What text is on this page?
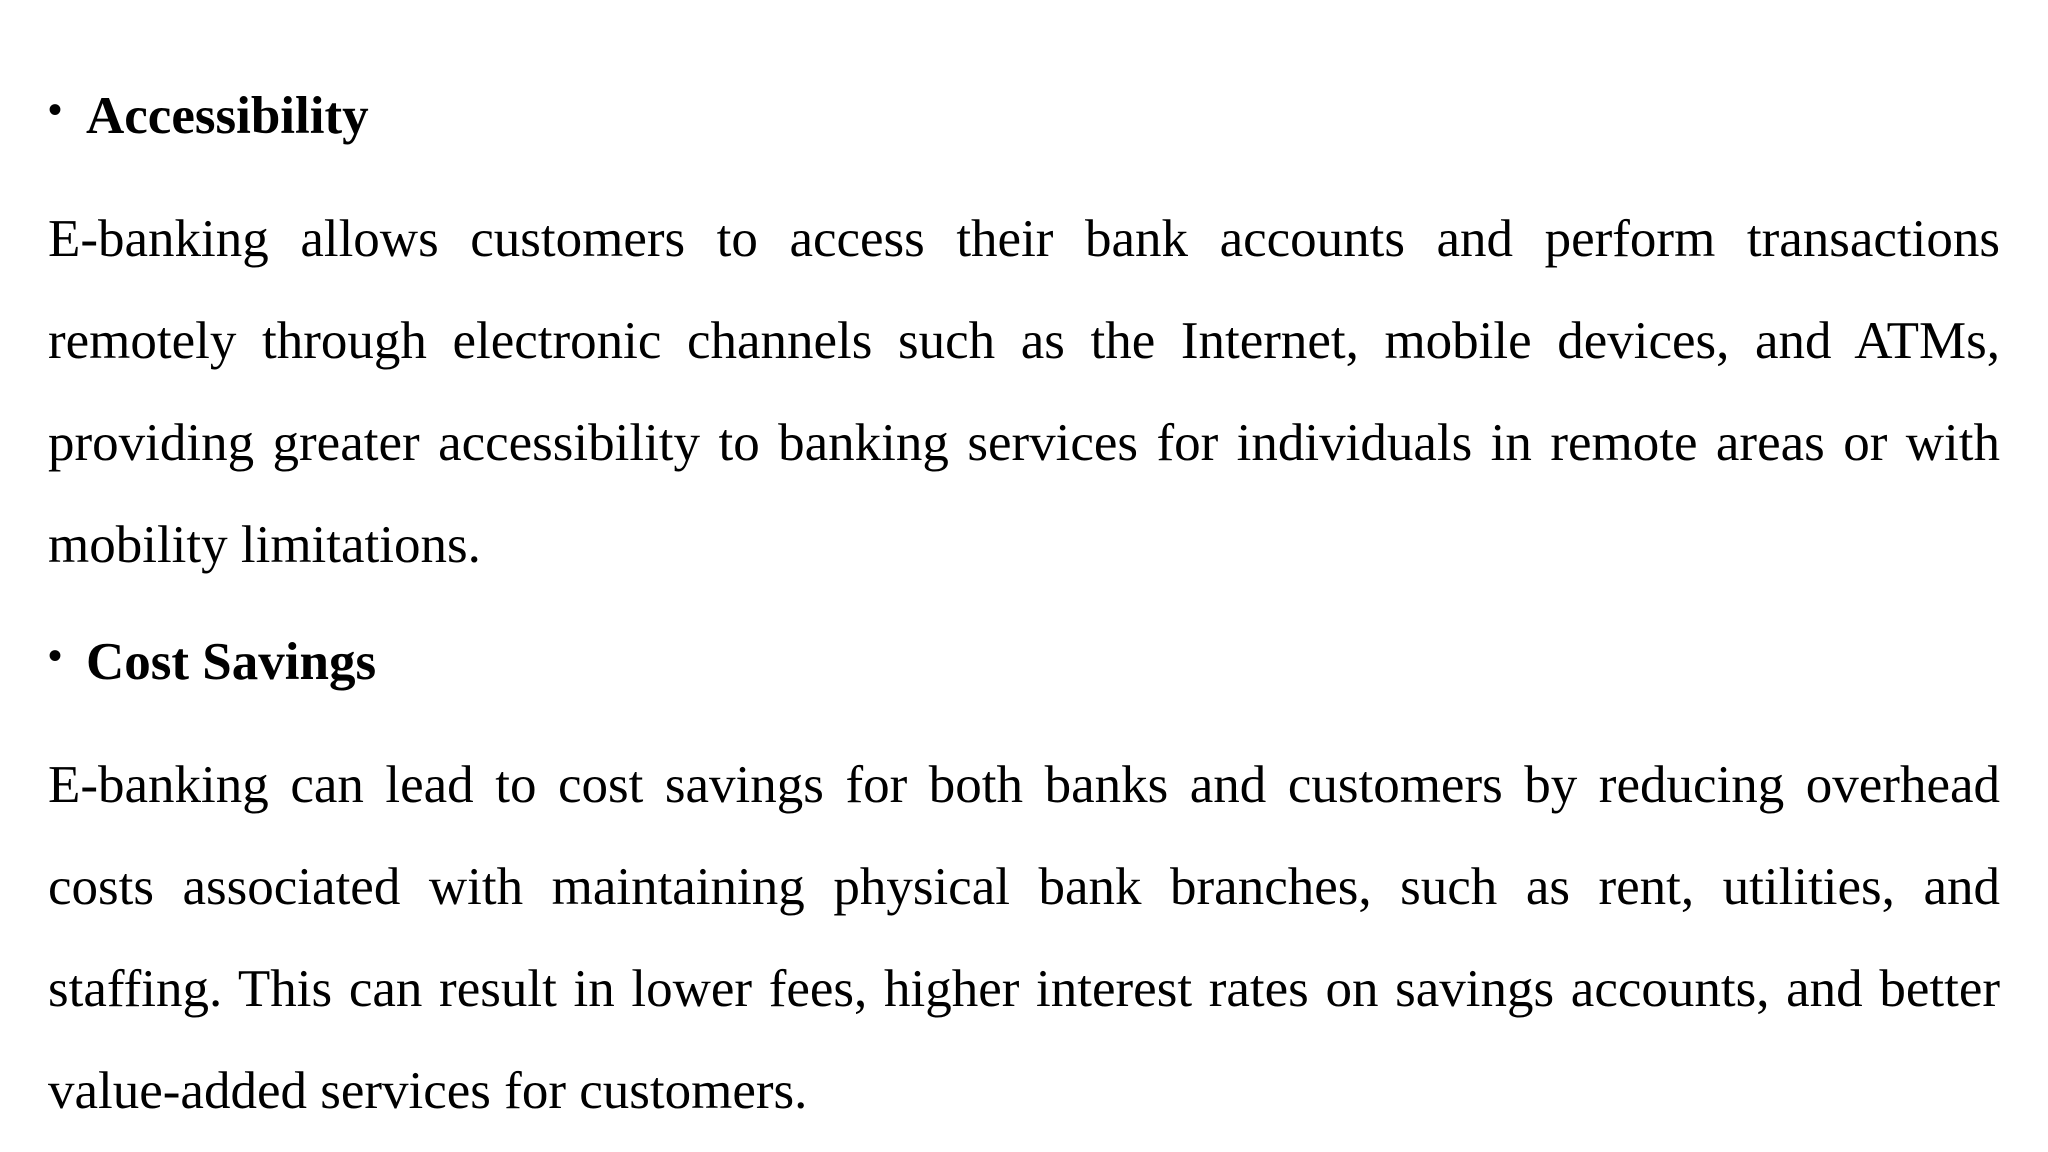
• Accessibility

E-banking allows customers to access their bank accounts and perform transactions remotely through electronic channels such as the Internet, mobile devices, and ATMs, providing greater accessibility to banking services for individuals in remote areas or with mobility limitations.

• Cost Savings

E-banking can lead to cost savings for both banks and customers by reducing overhead costs associated with maintaining physical bank branches, such as rent, utilities, and staffing. This can result in lower fees, higher interest rates on savings accounts, and better value-added services for customers.
